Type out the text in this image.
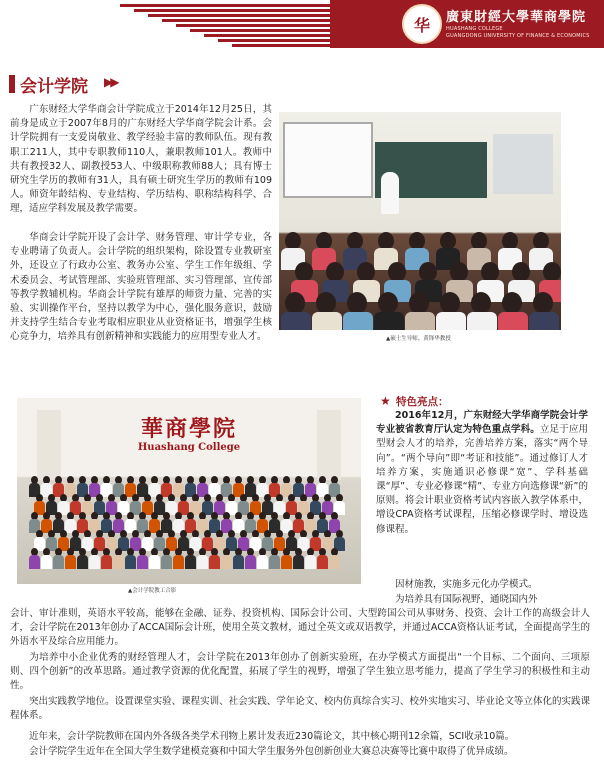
华 廣東財經大學華商學院
HUASHANG COLLEGE
GUANGDONG UNIVERSITY OF FINANCE & ECONOMICS
会计学院 ▶▶

广东财经大学华商会计学院成立于2014年12月25日，其前身是成立于2007年8月的广东财经大学华商学院会计系。会计学院拥有一支爱岗敬业、教学经验丰富的教师队伍。现有教职工211人，其中专职教师110人，兼职教师101人。教师中共有教授32人、副教授53人、中级职称教师88人；具有博士研究生学历的教师有31人，具有硕士研究生学历的教师有109人。师资年龄结构、专业结构、学历结构、职称结构科学、合理，适应学科发展及教学需要。

华商会计学院开设了会计学、财务管理、审计学专业，各专业聘请了负责人。会计学院的组织架构，除设置专业教研室外，还设立了行政办公室、教务办公室、学生工作年级组、学术委员会、考试管理部、实验班管理部、实习管理部、宣传部等教学教辅机构。华商会计学院有雄厚的师资力量、完善的实验、实训操作平台，坚持以教学为中心，强化服务意识，鼓励并支持学生结合专业考取相应职业从业资格证书，增强学生核心竞争力，培养具有创新精神和实践能力的应用型专业人才。	▲硕士生导师、黄锋华教授
華商學院
Huashang College
▲会计学院教工合影
★ 特色亮点：

2016年12月，广东财经大学华商学院会计学专业被省教育厅认定为特色重点学科。立足于应用型财会人才的培养，完善培养方案，落实“两个导向”。“两个导向”即“考证和技能”。通过修订人才培养方案，实施通识必修课“宽”、学科基础课“厚”、专业必修课“精”、专业方向选修课“新”的原则。将会计职业资格考试内容嵌入教学体系中，增设CPA资格考试课程，压缩必修课学时、增设选修课程。

因材施教，实施多元化办学模式。

为培养具有国际视野，通晓国内外

会计、审计准则，英语水平较高，能够在金融、证券、投资机构、国际会计公司、大型跨国公司从事财务、投资、会计工作的高级会计人才，会计学院在2013年创办了ACCA国际会计班，使用全英文教材，通过全英文或双语教学，并通过ACCA资格认证考试，全面提高学生的外语水平及综合应用能力。

为培养中小企业优秀的财经管理人才，会计学院在2013年创办了创新实验班，在办学模式方面提出“一个目标、二个面向、三项原则、四个创新”的改革思路。通过教学资源的优化配置，拓展了学生的视野，增强了学生独立思考能力，提高了学生学习的积极性和主动性。

突出实践教学地位。设置课堂实验、课程实训、社会实践、学年论文、校内仿真综合实习、校外实地实习、毕业论文等立体化的实践课程体系。

近年来，会计学院教师在国内外各级各类学术刊物上累计发表近230篇论文，其中核心期刊12余篇，SCI收录10篇。

会计学院学生近年在全国大学生数学建模竞赛和中国大学生服务外包创新创业大赛总决赛等比赛中取得了优异成绩。
